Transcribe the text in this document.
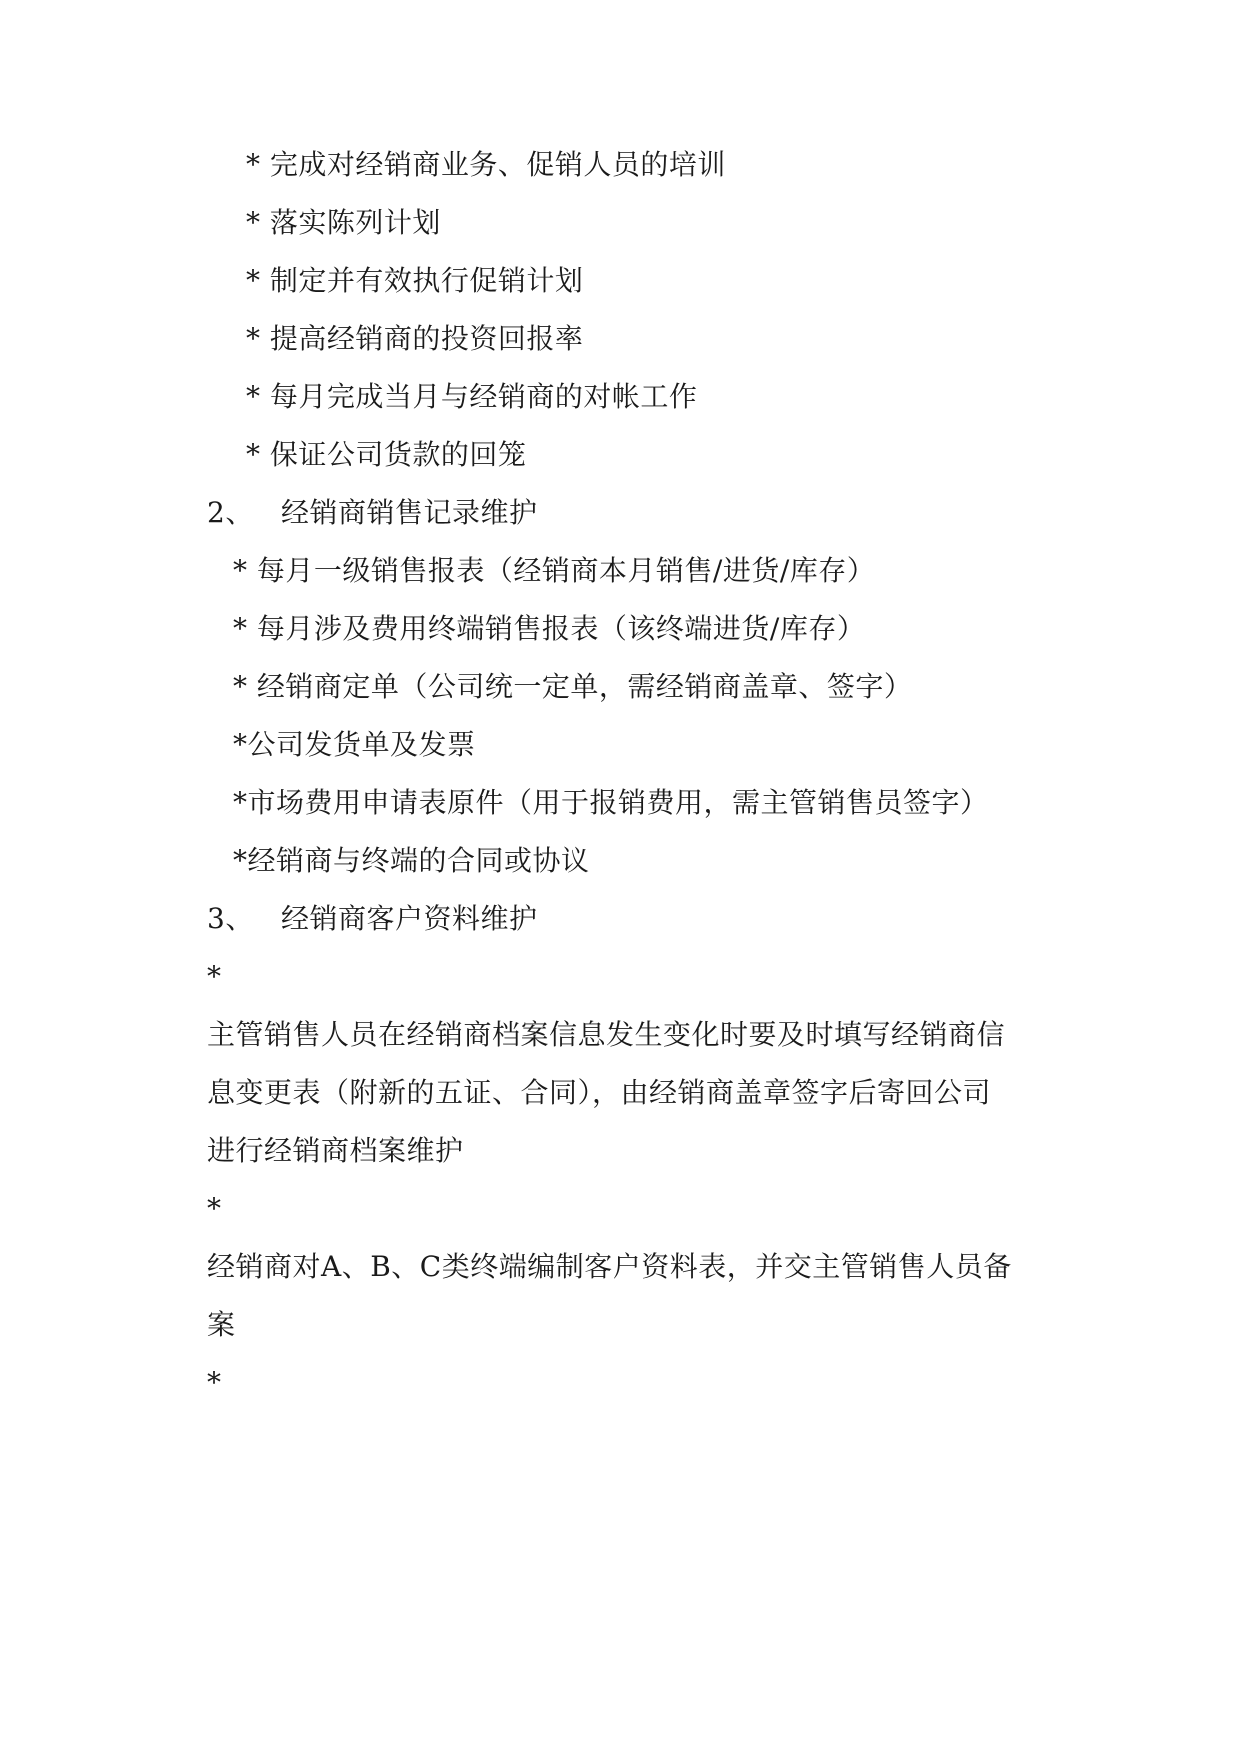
* 完成对经销商业务、促销人员的培训
* 落实陈列计划
* 制定并有效执行促销计划
* 提高经销商的投资回报率
* 每月完成当月与经销商的对帐工作
* 保证公司货款的回笼
2、 经销商销售记录维护
* 每月一级销售报表（经销商本月销售/进货/库存）
* 每月涉及费用终端销售报表（该终端进货/库存）
* 经销商定单（公司统一定单，需经销商盖章、签字）
*公司发货单及发票
*市场费用申请表原件（用于报销费用，需主管销售员签字）
*经销商与终端的合同或协议
3、 经销商客户资料维护
*
主管销售人员在经销商档案信息发生变化时要及时填写经销商信
息变更表（附新的五证、合同），由经销商盖章签字后寄回公司
进行经销商档案维护
*
经销商对A、B、C类终端编制客户资料表，并交主管销售人员备
案
*
